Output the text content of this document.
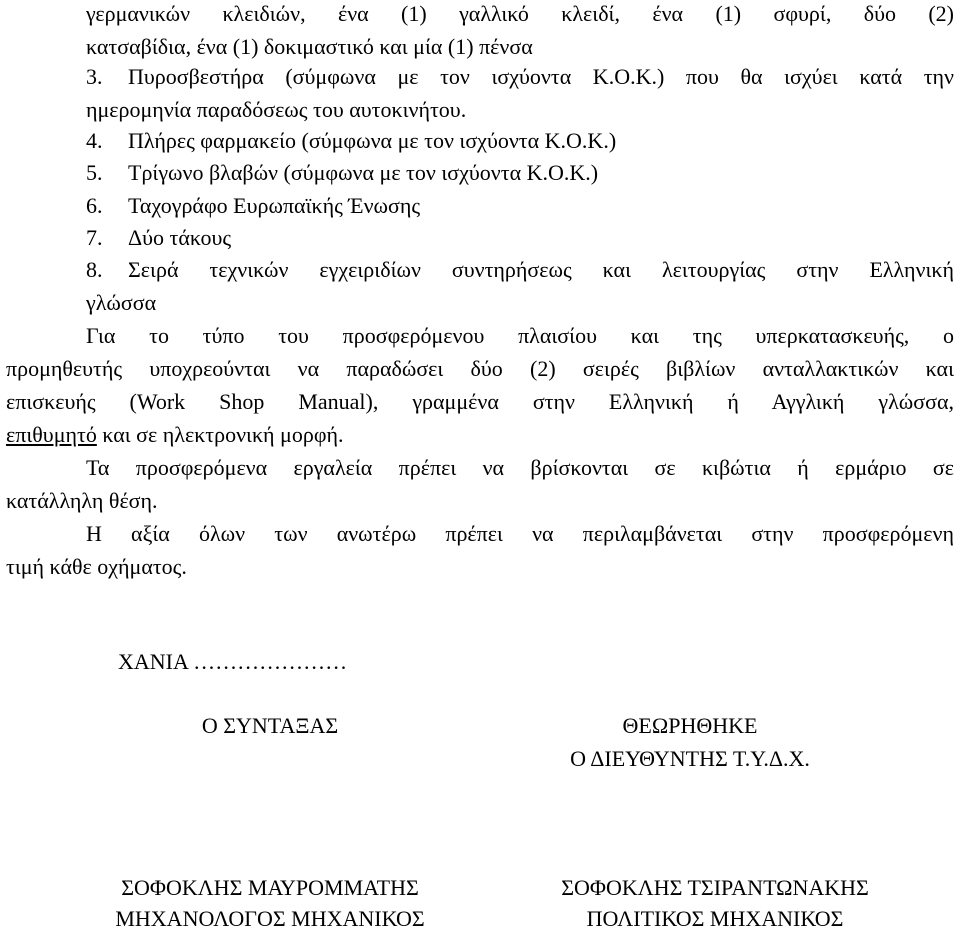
γερμανικών κλειδιών, ένα (1) γαλλικό κλειδί, ένα (1) σφυρί, δύο (2)
κατσαβίδια, ένα (1) δοκιμαστικό και μία (1) πένσα
3. Πυροσβεστήρα (σύμφωνα με τον ισχύοντα Κ.Ο.Κ.) που θα ισχύει κατά την
ημερομηνία παραδόσεως του αυτοκινήτου.
4. Πλήρες φαρμακείο (σύμφωνα με τον ισχύοντα Κ.Ο.Κ.)
5. Τρίγωνο βλαβών (σύμφωνα με τον ισχύοντα Κ.Ο.Κ.)
6. Ταχογράφο Ευρωπαϊκής Ένωσης
7. Δύο τάκους
8. Σειρά τεχνικών εγχειριδίων συντηρήσεως και λειτουργίας στην Ελληνική
γλώσσα
Για το τύπο του προσφερόμενου πλαισίου και της υπερκατασκευής, ο
προμηθευτής υποχρεούνται να παραδώσει δύο (2) σειρές βιβλίων ανταλλακτικών και
επισκευής (Work Shop Manual), γραμμένα στην Ελληνική ή Αγγλική γλώσσα,
επιθυμητό και σε ηλεκτρονική μορφή.
Τα προσφερόμενα εργαλεία πρέπει να βρίσκονται σε κιβώτια ή ερμάριο σε
κατάλληλη θέση.
Η αξία όλων των ανωτέρω πρέπει να περιλαμβάνεται στην προσφερόμενη
τιμή κάθε οχήματος.
ΧΑΝΙΑ …………………
Ο ΣΥΝΤΑΞΑΣ	ΘΕΩΡΗΘΗΚΕ
Ο ΔΙΕΥΘΥΝΤΗΣ Τ.Υ.Δ.Χ.
ΣΟΦΟΚΛΗΣ ΜΑΥΡΟΜΜΑΤΗΣ
ΜΗΧΑΝΟΛΟΓΟΣ ΜΗΧΑΝΙΚΟΣ
ΣΟΦΟΚΛΗΣ ΤΣΙΡΑΝΤΩΝΑΚΗΣ
ΠΟΛΙΤΙΚΟΣ ΜΗΧΑΝΙΚΟΣ
